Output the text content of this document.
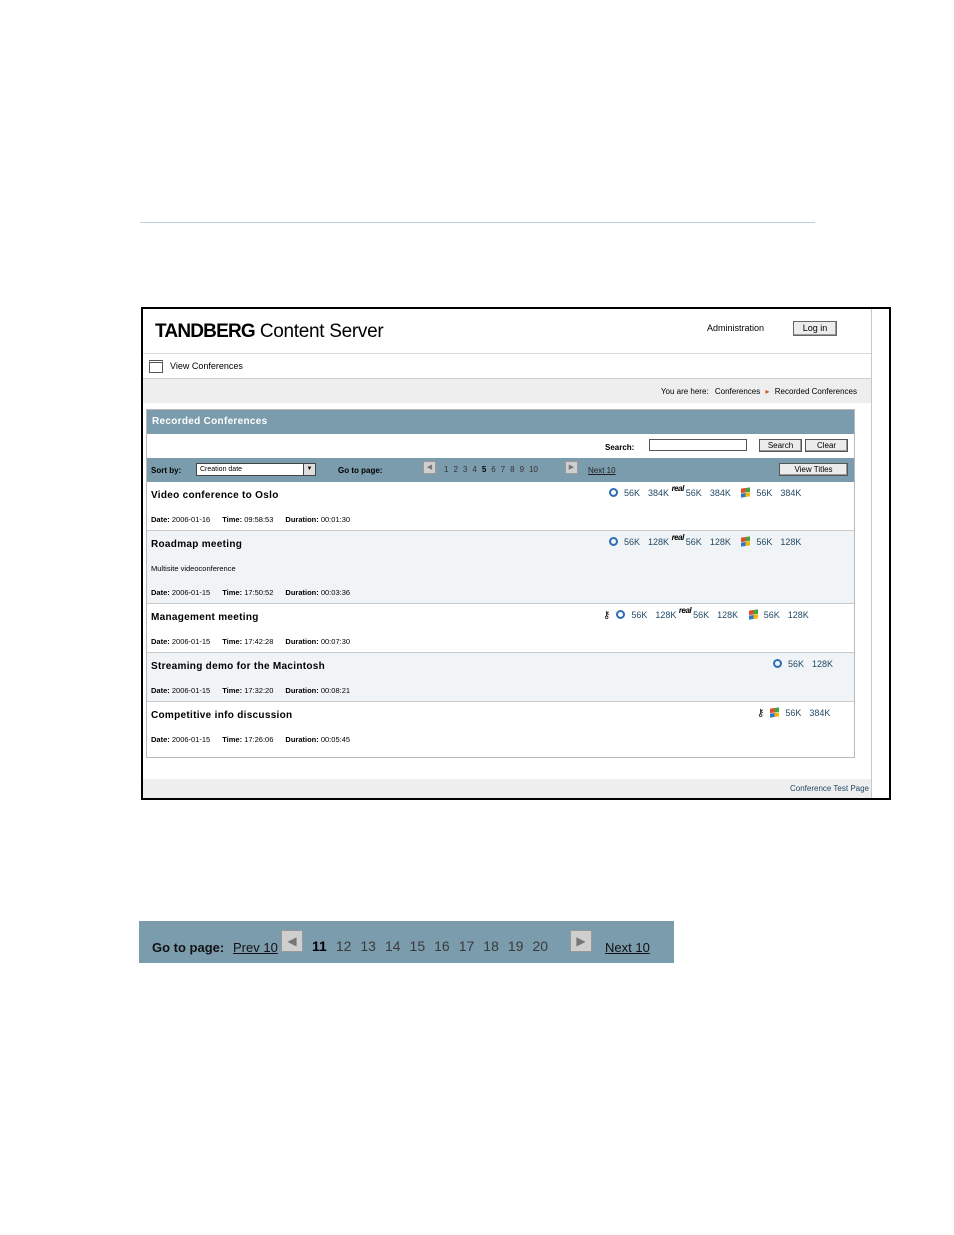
TANDBERG Content Server	Administration	Log in
View Conferences
You are here: Conferences ▸ Recorded Conferences
Recorded Conferences
Search:	Search	Clear
Sort by:	Creation date	▼	Go to page:	◀	1 2 3 4 5 6 7 8 9 10	▶	Next 10	View Titles
Video conference to Oslo	56K 384K real 56K 384K	56K 384K
Date: 2006-01-16 Time: 09:58:53 Duration: 00:01:30
Roadmap meeting
Multisite videoconference
56K 128K real 56K 128K	56K 128K
Date: 2006-01-15 Time: 17:50:52 Duration: 00:03:36
Management meeting	⚷ 56K 128K real 56K 128K	56K 128K
Date: 2006-01-15 Time: 17:42:28 Duration: 00:07:30
Streaming demo for the Macintosh	56K 128K
Date: 2006-01-15 Time: 17:32:20 Duration: 00:08:21
Competitive info discussion	⚷ 56K 384K
Date: 2006-01-15 Time: 17:26:06 Duration: 00:05:45
Conference Test Page
Go to page: Prev 10 ◀	11 12 13 14 15 16 17 18 19 20	▶	Next 10
